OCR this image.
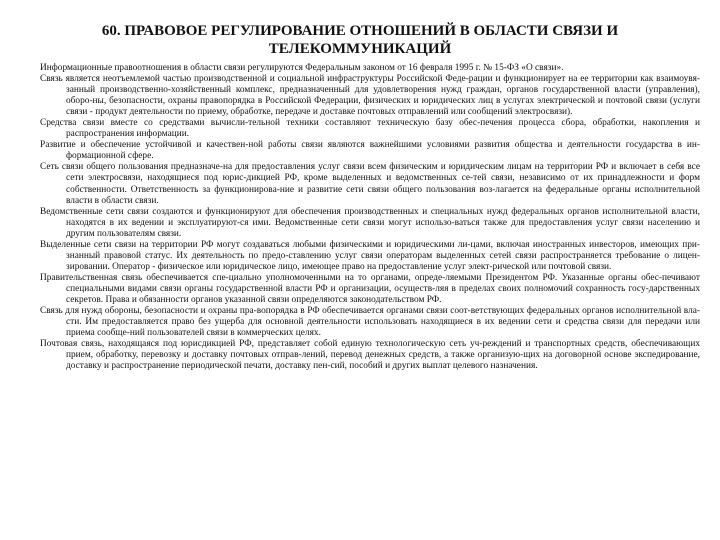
60. ПРАВОВОЕ РЕГУЛИРОВАНИЕ ОТНОШЕНИЙ В ОБЛАСТИ СВЯЗИ И
ТЕЛЕКОММУНИКАЦИЙ

Информационные правоотношения в области связи регулируются Федеральным законом от 16 февраля 1995 г. № 15-ФЗ «О связи».

Связь является неотъемлемой частью производственной и социальной инфраструктуры Российской Феде-рации и функционирует на ее территории как взаимоувя-занный производственно-хозяйственный комплекс, предназначенный для удовлетворения нужд граждан, органов государственной власти (управления), оборо-ны, безопасности, охраны правопорядка в Российской Федерации, физических и юридических лиц в услугах электрической и почтовой связи (услуги связи - продукт деятельности по приему, обработке, передаче и доставке почтовых отправлений или сообщений электросвязи).

Средства связи вместе со средствами вычисли-тельной техники составляют техническую базу обес-печения процесса сбора, обработки, накопления и распространения информации.

Развитие и обеспечение устойчивой и качествен-ной работы связи являются важнейшими условиями развития общества и деятельности государства в ин-формационной сфере.

Сеть связи общего пользования предназначе-на для предоставления услуг связи всем физическим и юридическим лицам на территории РФ и включает в себя все сети электросвязи, находящиеся под юрис-дикцией РФ, кроме выделенных и ведомственных се-тей связи, независимо от их принадлежности и форм собственности. Ответственность за функционирова-ние и развитие сети связи общего пользования воз-лагается на федеральные органы исполнительной власти в области связи.

Ведомственные сети связи создаются и функционируют для обеспечения производственных и специальных нужд федеральных органов исполнительной власти, находятся в их ведении и эксплуатируют-ся ими. Ведомственные сети связи могут использо-ваться также для предоставления услуг связи населению и другим пользователям связи.

Выделенные сети связи на территории РФ могут создаваться любыми физическими и юридическими ли-цами, включая иностранных инвесторов, имеющих при-знанный правовой статус. Их деятельность по предо-ставлению услуг связи операторам выделенных сетей связи распространяется требование о лицен-зировании. Оператор - физическое или юридическое лицо, имеющее право на предоставление услуг элект-рической или почтовой связи.

Правительственная связь обеспечивается спе-циально уполномоченными на то органами, опреде-ляемыми Президентом РФ. Указанные органы обес-печивают специальными видами связи органы государственной власти РФ и организации, осуществ-ляя в пределах своих полномочий сохранность госу-дарственных секретов. Права и обязанности органов указанной связи определяются законодательством РФ.

Связь для нужд обороны, безопасности и охраны пра-вопорядка в РФ обеспечивается органами связи соот-ветствующих федеральных органов исполнительной вла-сти. Им предоставляется право без ущерба для основной деятельности использовать находящиеся в их ведении сети и средства связи для передачи или приема сообще-ний пользователей связи в коммерческих целях.

Почтовая связь, находящаяся под юрисдикцией РФ, представляет собой единую технологическую сеть уч-реждений и транспортных средств, обеспечивающих прием, обработку, перевозку и доставку почтовых отправ-лений, перевод денежных средств, а также организую-щих на договорной основе экспедирование, доставку и распространение периодической печати, доставку пен-сий, пособий и других выплат целевого назначения.
